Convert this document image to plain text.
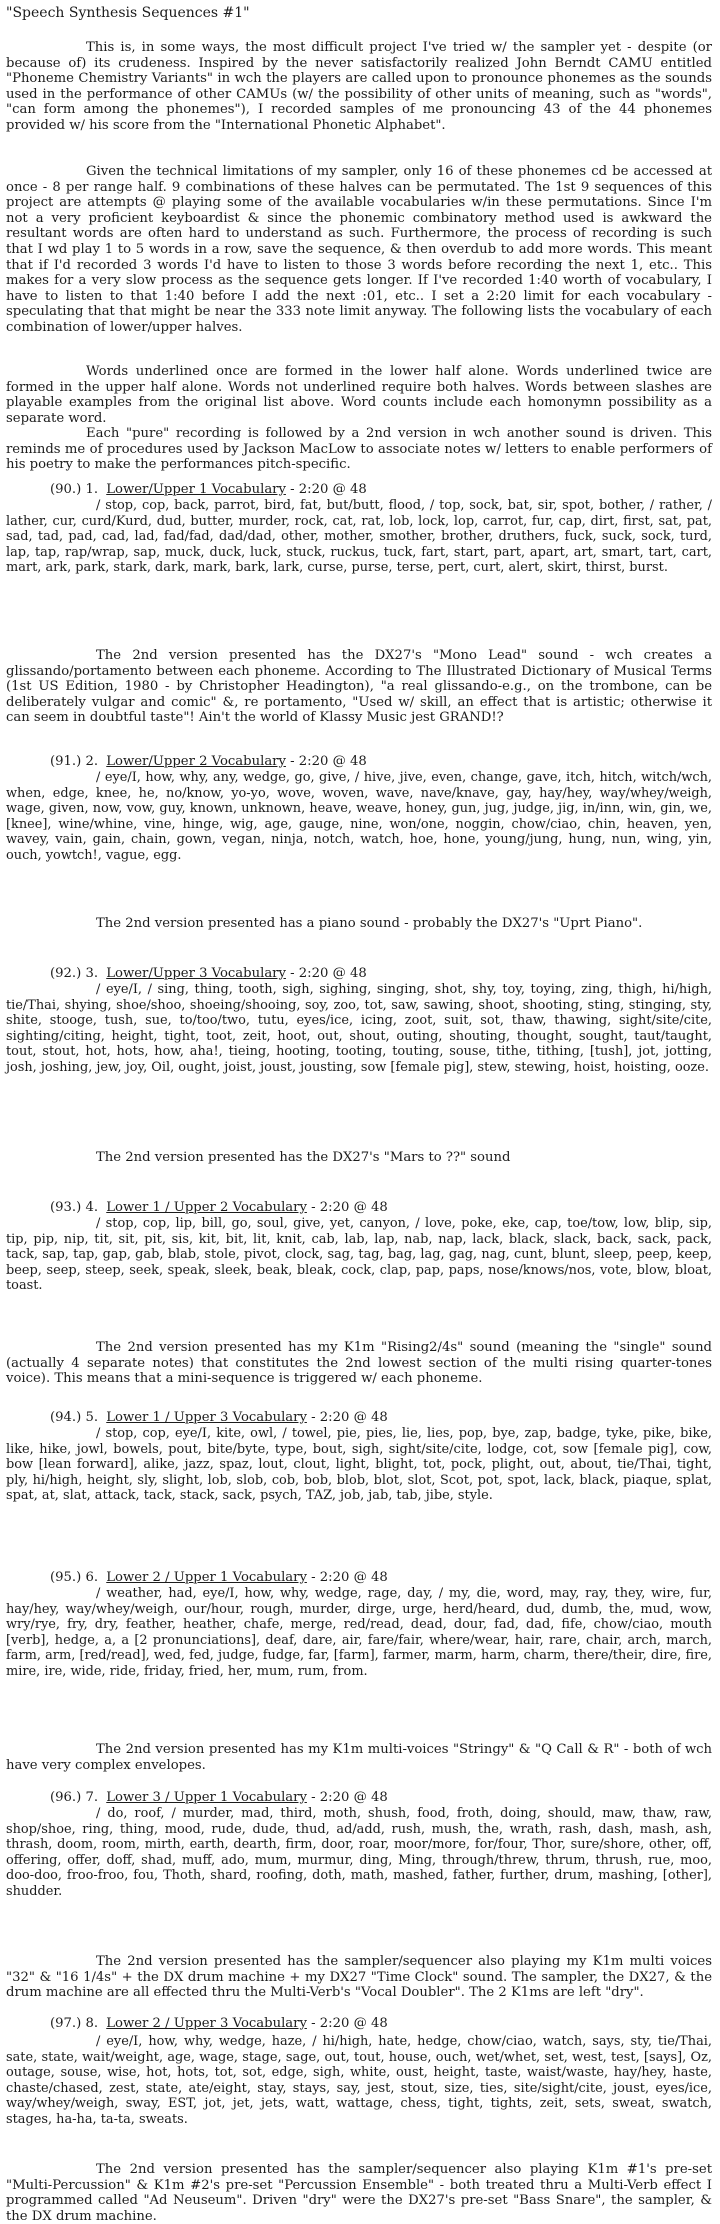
"Speech Synthesis Sequences #1"

This is, in some ways, the most difficult project I've tried w/ the sampler yet - despite (or because of) its crudeness. Inspired by the never satisfactorily realized John Berndt CAMU entitled "Phoneme Chemistry Variants" in wch the players are called upon to pronounce phonemes as the sounds used in the performance of other CAMUs (w/ the possibility of other units of meaning, such as "words", "can form among the phonemes"), I recorded samples of me pronouncing 43 of the 44 phonemes provided w/ his score from the "International Phonetic Alphabet".

Given the technical limitations of my sampler, only 16 of these phonemes cd be accessed at once - 8 per range half. 9 combinations of these halves can be permutated. The 1st 9 sequences of this project are attempts @ playing some of the available vocabularies w/in these permutations. Since I'm not a very proficient keyboardist & since the phonemic combinatory method used is awkward the resultant words are often hard to understand as such. Furthermore, the process of recording is such that I wd play 1 to 5 words in a row, save the sequence, & then overdub to add more words. This meant that if I'd recorded 3 words I'd have to listen to those 3 words before recording the next 1, etc.. This makes for a very slow process as the sequence gets longer. If I've recorded 1:40 worth of vocabulary, I have to listen to that 1:40 before I add the next :01, etc.. I set a 2:20 limit for each vocabulary - speculating that that might be near the 333 note limit anyway. The following lists the vocabulary of each combination of lower/upper halves.

Words underlined once are formed in the lower half alone. Words underlined twice are formed in the upper half alone. Words not underlined require both halves. Words between slashes are playable examples from the original list above. Word counts include each homonymn possibility as a separate word.

Each "pure" recording is followed by a 2nd version in wch another sound is driven. This reminds me of procedures used by Jackson MacLow to associate notes w/ letters to enable performers of his poetry to make the performances pitch-specific.

(90.) 1. Lower/Upper 1 Vocabulary - 2:20 @ 48

/ stop, cop, back, parrot, bird, fat, but/butt, flood, / top, sock, bat, sir, spot, bother, / rather, / lather, cur, curd/Kurd, dud, butter, murder, rock, cat, rat, lob, lock, lop, carrot, fur, cap, dirt, first, sat, pat, sad, tad, pad, cad, lad, fad/fad, dad/dad, other, mother, smother, brother, druthers, fuck, suck, sock, turd, lap, tap, rap/wrap, sap, muck, duck, luck, stuck, ruckus, tuck, fart, start, part, apart, art, smart, tart, cart, mart, ark, park, stark, dark, mark, bark, lark, curse, purse, terse, pert, curt, alert, skirt, thirst, burst.

The 2nd version presented has the DX27's "Mono Lead" sound - wch creates a glissando/portamento between each phoneme. According to The Illustrated Dictionary of Musical Terms (1st US Edition, 1980 - by Christopher Headington), "a real glissando-e.g., on the trombone, can be deliberately vulgar and comic" &, re portamento, "Used w/ skill, an effect that is artistic; otherwise it can seem in doubtful taste"! Ain't the world of Klassy Music jest GRAND!?

(91.) 2. Lower/Upper 2 Vocabulary - 2:20 @ 48

/ eye/I, how, why, any, wedge, go, give, / hive, jive, even, change, gave, itch, hitch, witch/wch, when, edge, knee, he, no/know, yo-yo, wove, woven, wave, nave/knave, gay, hay/hey, way/whey/weigh, wage, given, now, vow, guy, known, unknown, heave, weave, honey, gun, jug, judge, jig, in/inn, win, gin, we, [knee], wine/whine, vine, hinge, wig, age, gauge, nine, won/one, noggin, chow/ciao, chin, heaven, yen, wavey, vain, gain, chain, gown, vegan, ninja, notch, watch, hoe, hone, young/jung, hung, nun, wing, yin, ouch, yowtch!, vague, egg.

The 2nd version presented has a piano sound - probably the DX27's "Uprt Piano".

(92.) 3. Lower/Upper 3 Vocabulary - 2:20 @ 48

/ eye/I, / sing, thing, tooth, sigh, sighing, singing, shot, shy, toy, toying, zing, thigh, hi/high, tie/Thai, shying, shoe/shoo, shoeing/shooing, soy, zoo, tot, saw, sawing, shoot, shooting, sting, stinging, sty, shite, stooge, tush, sue, to/too/two, tutu, eyes/ice, icing, zoot, suit, sot, thaw, thawing, sight/site/cite, sighting/citing, height, tight, toot, zeit, hoot, out, shout, outing, shouting, thought, sought, taut/taught, tout, stout, hot, hots, how, aha!, tieing, hooting, tooting, touting, souse, tithe, tithing, [tush], jot, jotting, josh, joshing, jew, joy, Oil, ought, joist, joust, jousting, sow [female pig], stew, stewing, hoist, hoisting, ooze.

The 2nd version presented has the DX27's "Mars to ??" sound

(93.) 4. Lower 1 / Upper 2 Vocabulary - 2:20 @ 48

/ stop, cop, lip, bill, go, soul, give, yet, canyon, / love, poke, eke, cap, toe/tow, low, blip, sip, tip, pip, nip, tit, sit, pit, sis, kit, bit, lit, knit, cab, lab, lap, nab, nap, lack, black, slack, back, sack, pack, tack, sap, tap, gap, gab, blab, stole, pivot, clock, sag, tag, bag, lag, gag, nag, cunt, blunt, sleep, peep, keep, beep, seep, steep, seek, speak, sleek, beak, bleak, cock, clap, pap, paps, nose/knows/nos, vote, blow, bloat, toast.

The 2nd version presented has my K1m "Rising2/4s" sound (meaning the "single" sound (actually 4 separate notes) that constitutes the 2nd lowest section of the multi rising quarter-tones voice). This means that a mini-sequence is triggered w/ each phoneme.

(94.) 5. Lower 1 / Upper 3 Vocabulary - 2:20 @ 48

/ stop, cop, eye/I, kite, owl, / towel, pie, pies, lie, lies, pop, bye, zap, badge, tyke, pike, bike, like, hike, jowl, bowels, pout, bite/byte, type, bout, sigh, sight/site/cite, lodge, cot, sow [female pig], cow, bow [lean forward], alike, jazz, spaz, lout, clout, light, blight, tot, pock, plight, out, about, tie/Thai, tight, ply, hi/high, height, sly, slight, lob, slob, cob, bob, blob, blot, slot, Scot, pot, spot, lack, black, piaque, splat, spat, at, slat, attack, tack, stack, sack, psych, TAZ, job, jab, tab, jibe, style.

(95.) 6. Lower 2 / Upper 1 Vocabulary - 2:20 @ 48

/ weather, had, eye/I, how, why, wedge, rage, day, / my, die, word, may, ray, they, wire, fur, hay/hey, way/whey/weigh, our/hour, rough, murder, dirge, urge, herd/heard, dud, dumb, the, mud, wow, wry/rye, fry, dry, feather, heather, chafe, merge, red/read, dead, dour, fad, dad, fife, chow/ciao, mouth [verb], hedge, a, a [2 pronunciations], deaf, dare, air, fare/fair, where/wear, hair, rare, chair, arch, march, farm, arm, [red/read], wed, fed, judge, fudge, far, [farm], farmer, marm, harm, charm, there/their, dire, fire, mire, ire, wide, ride, friday, fried, her, mum, rum, from.

The 2nd version presented has my K1m multi-voices "Stringy" & "Q Call & R" - both of wch have very complex envelopes.

(96.) 7. Lower 3 / Upper 1 Vocabulary - 2:20 @ 48

/ do, roof, / murder, mad, third, moth, shush, food, froth, doing, should, maw, thaw, raw, shop/shoe, ring, thing, mood, rude, dude, thud, ad/add, rush, mush, the, wrath, rash, dash, mash, ash, thrash, doom, room, mirth, earth, dearth, firm, door, roar, moor/more, for/four, Thor, sure/shore, other, off, offering, offer, doff, shad, muff, ado, mum, murmur, ding, Ming, through/threw, thrum, thrush, rue, moo, doo-doo, froo-froo, fou, Thoth, shard, roofing, doth, math, mashed, father, further, drum, mashing, [other], shudder.

The 2nd version presented has the sampler/sequencer also playing my K1m multi voices "32" & "16 1/4s" + the DX drum machine + my DX27 "Time Clock" sound. The sampler, the DX27, & the drum machine are all effected thru the Multi-Verb's "Vocal Doubler". The 2 K1ms are left "dry".

(97.) 8. Lower 2 / Upper 3 Vocabulary - 2:20 @ 48

/ eye/I, how, why, wedge, haze, / hi/high, hate, hedge, chow/ciao, watch, says, sty, tie/Thai, sate, state, wait/weight, age, wage, stage, sage, out, tout, house, ouch, wet/whet, set, west, test, [says], Oz, outage, souse, wise, hot, hots, tot, sot, edge, sigh, white, oust, height, taste, waist/waste, hay/hey, haste, chaste/chased, zest, state, ate/eight, stay, stays, say, jest, stout, size, ties, site/sight/cite, joust, eyes/ice, way/whey/weigh, sway, EST, jot, jet, jets, watt, wattage, chess, tight, tights, zeit, sets, sweat, swatch, stages, ha-ha, ta-ta, sweats.

The 2nd version presented has the sampler/sequencer also playing K1m #1's pre-set "Multi-Percussion" & K1m #2's pre-set "Percussion Ensemble" - both treated thru a Multi-Verb effect I programmed called "Ad Neuseum". Driven "dry" were the DX27's pre-set "Bass Snare", the sampler, & the DX drum machine.
